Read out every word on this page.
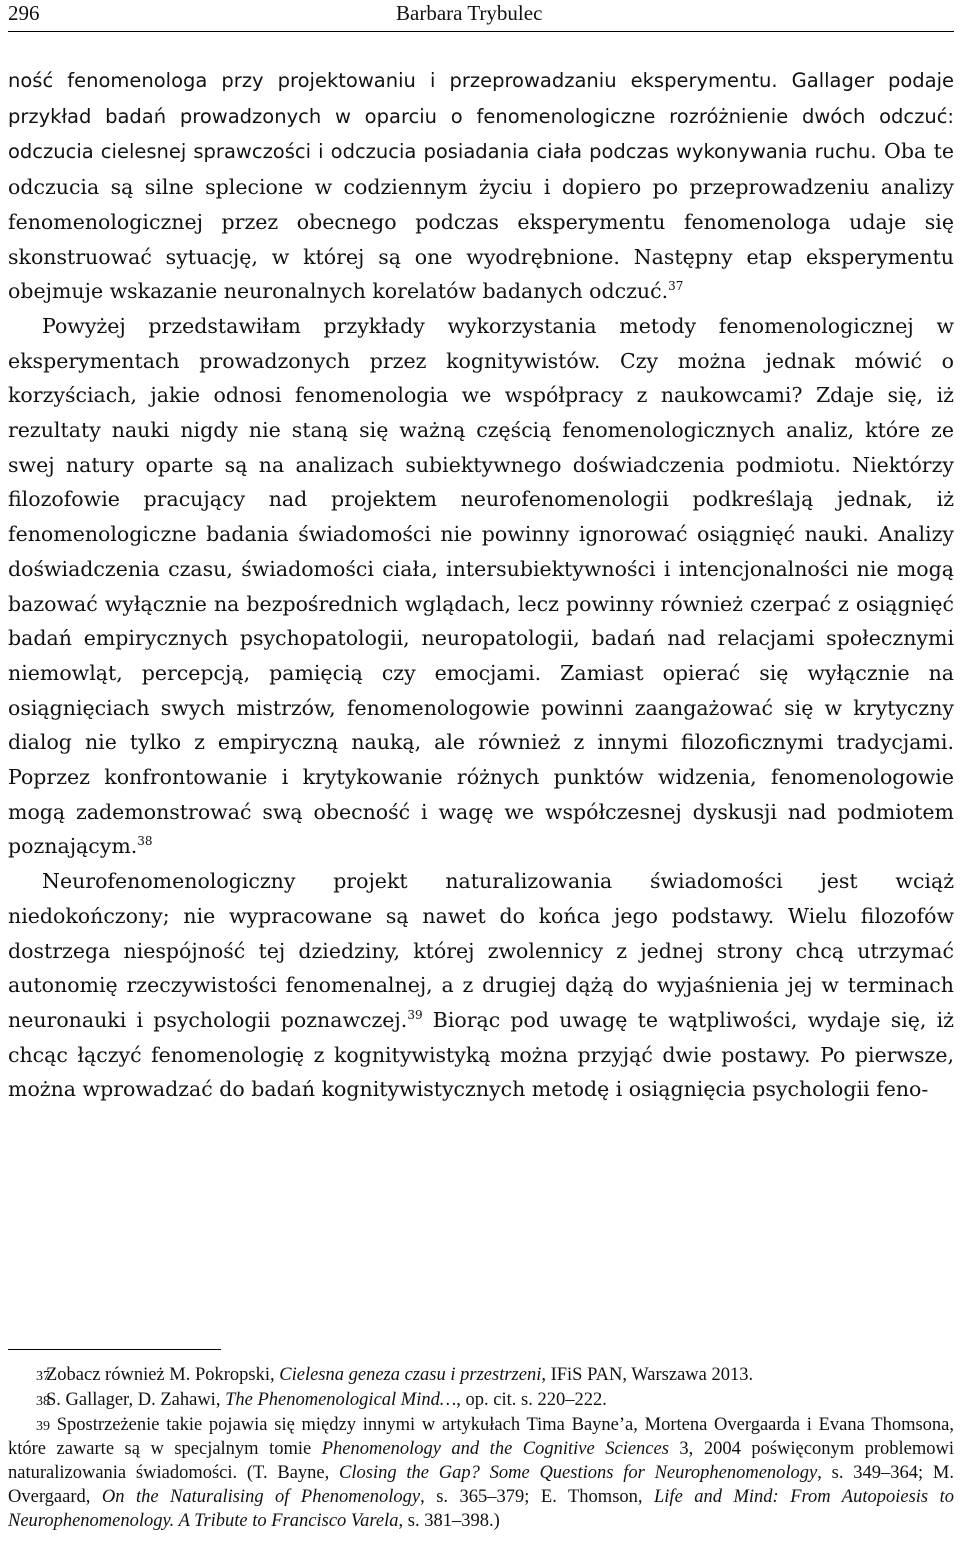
296	Barbara Trybulec

ność fenomenologa przy projektowaniu i przeprowadzaniu eksperymentu. Gallager podaje przykład badań prowadzonych w oparciu o fenomenologiczne rozróżnienie dwóch odczuć: odczucia cielesnej sprawczości i odczucia posiadania ciała podczas wykonywania ruchu. Oba te odczucia są silne splecione w codziennym życiu i dopiero po przeprowadzeniu analizy fenomenologicznej przez obecnego podczas eksperymentu fenomenologa udaje się skonstruować sytuację, w której są one wyodrębnione. Następny etap eksperymentu obejmuje wskazanie neuronalnych korelatów badanych odczuć.$^{37}$

Powyżej przedstawiłam przykłady wykorzystania metody fenomenologicznej w eksperymentach prowadzonych przez kognitywistów. Czy można jednak mówić o korzyściach, jakie odnosi fenomenologia we współpracy z naukowcami? Zdaje się, iż rezultaty nauki nigdy nie staną się ważną częścią fenomenologicznych analiz, które ze swej natury oparte są na analizach subiektywnego doświadczenia podmiotu. Niektórzy filozofowie pracujący nad projektem neurofenomenologii podkreślają jednak, iż fenomenologiczne badania świadomości nie powinny ignorować osiągnięć nauki. Analizy doświadczenia czasu, świadomości ciała, intersubiektywności i intencjonalności nie mogą bazować wyłącznie na bezpośrednich wglądach, lecz powinny również czerpać z osiągnięć badań empirycznych psychopatologii, neuropatologii, badań nad relacjami społecznymi niemowląt, percepcją, pamięcią czy emocjami. Zamiast opierać się wyłącznie na osiągnięciach swych mistrzów, fenomenologowie powinni zaangażować się w krytyczny dialog nie tylko z empiryczną nauką, ale również z innymi filozoficznymi tradycjami. Poprzez konfrontowanie i krytykowanie różnych punktów widzenia, fenomenologowie mogą zademonstrować swą obecność i wagę we współczesnej dyskusji nad podmiotem poznającym.$^{38}$

Neurofenomenologiczny projekt naturalizowania świadomości jest wciąż niedokończony; nie wypracowane są nawet do końca jego podstawy. Wielu filozofów dostrzega niespójność tej dziedziny, której zwolennicy z jednej strony chcą utrzymać autonomię rzeczywistości fenomenalnej, a z drugiej dążą do wyjaśnienia jej w terminach neuronauki i psychologii poznawczej.$^{39}$ Biorąc pod uwagę te wątpliwości, wydaje się, iż chcąc łączyć fenomenologię z kognitywistyką można przyjąć dwie postawy. Po pierwsze, można wprowadzać do badań kognitywistycznych metodę i osiągnięcia psychologii feno-

37Zobacz również M. Pokropski, Cielesna geneza czasu i przestrzeni, IFiS PAN, Warszawa 2013.

38S. Gallager, D. Zahawi, The Phenomenological Mind…, op. cit. s. 220–222.

39 Spostrzeżenie takie pojawia się między innymi w artykułach Tima Bayne’a, Mortena Overgaarda i Evana Thomsona, które zawarte są w specjalnym tomie Phenomenology and the Cognitive Sciences 3, 2004 poświęconym problemowi naturalizowania świadomości. (T. Bayne, Closing the Gap? Some Questions for Neurophenomenology, s. 349–364; M. Overgaard, On the Naturalising of Phenomenology, s. 365–379; E. Thomson, Life and Mind: From Autopoiesis to Neurophenomenology. A Tribute to Francisco Varela, s. 381–398.)
